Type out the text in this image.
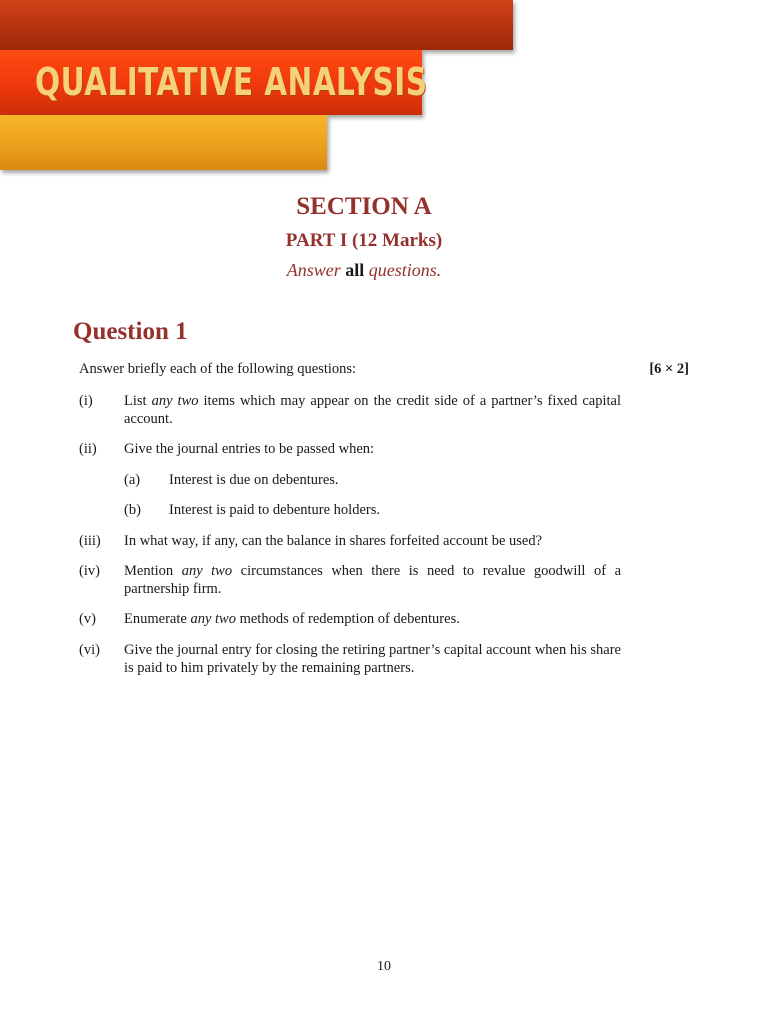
QUALITATIVE ANALYSIS
SECTION A
PART I (12 Marks)
Answer all questions.
Question 1
Answer briefly each of the following questions:	[6 × 2]
(i) List any two items which may appear on the credit side of a partner’s fixed capital account.
(ii) Give the journal entries to be passed when:
(a) Interest is due on debentures.
(b) Interest is paid to debenture holders.
(iii) In what way, if any, can the balance in shares forfeited account be used?
(iv) Mention any two circumstances when there is need to revalue goodwill of a partnership firm.
(v) Enumerate any two methods of redemption of debentures.
(vi) Give the journal entry for closing the retiring partner’s capital account when his share is paid to him privately by the remaining partners.
10
